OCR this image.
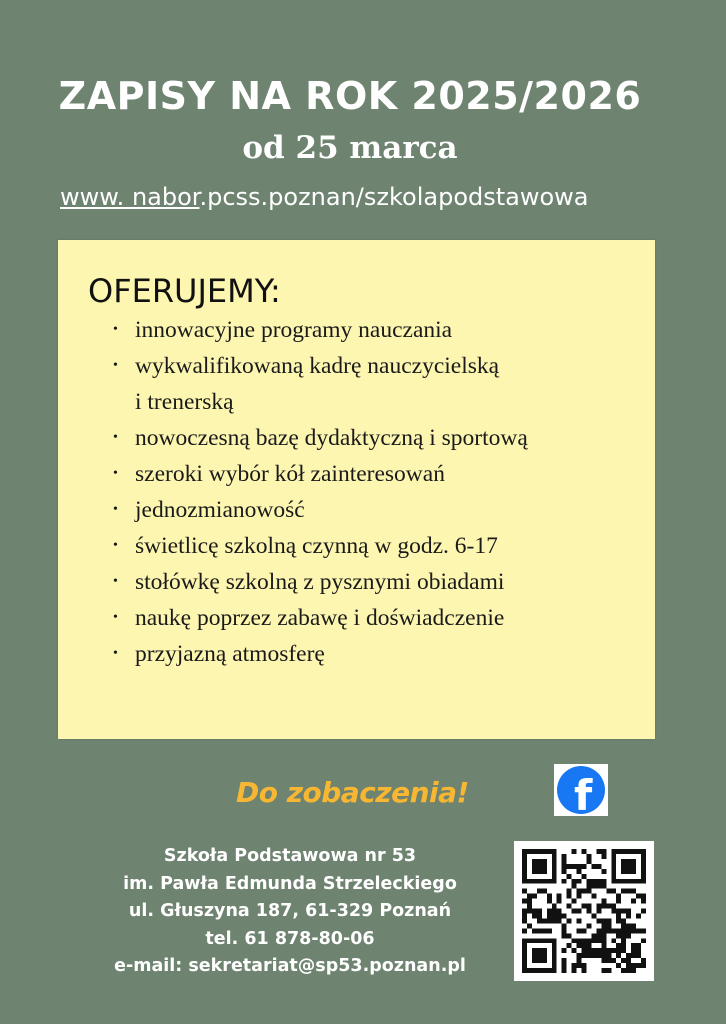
ZAPISY NA ROK 2025/2026
od 25 marca
www. nabor.pcss.poznan/szkolapodstawowa
OFERUJEMY:
• innowacyjne programy nauczania
• wykwalifikowaną kadrę nauczycielską
i trenerską
• nowoczesną bazę dydaktyczną i sportową
• szeroki wybór kół zainteresowań
• jednozmianowość
• świetlicę szkolną czynną w godz. 6-17
• stołówkę szkolną z pysznymi obiadami
• naukę poprzez zabawę i doświadczenie
• przyjazną atmosferę
Do zobaczenia!	f
Szkoła Podstawowa nr 53
im. Pawła Edmunda Strzeleckiego
ul. Głuszyna 187, 61-329 Poznań
tel. 61 878-80-06
e-mail: sekretariat@sp53.poznan.pl
